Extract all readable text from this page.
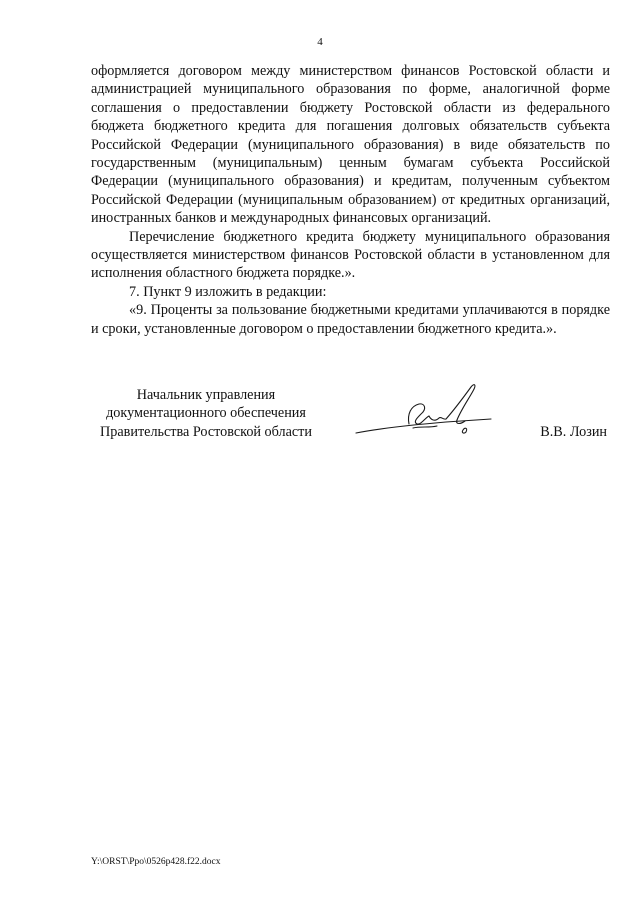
4

оформляется договором между министерством финансов Ростовской области и администрацией муниципального образования по форме, аналогичной форме соглашения о предоставлении бюджету Ростовской области из федерального бюджета бюджетного кредита для погашения долговых обязательств субъекта Российской Федерации (муниципального образования) в виде обязательств по государственным (муниципальным) ценным бумагам субъекта Российской Федерации (муниципального образования) и кредитам, полученным субъектом Российской Федерации (муниципальным образованием) от кредитных организаций, иностранных банков и международных финансовых организаций.

Перечисление бюджетного кредита бюджету муниципального образования осуществляется министерством финансов Ростовской области в установленном для исполнения областного бюджета порядке.».

7. Пункт 9 изложить в редакции:

«9. Проценты за пользование бюджетными кредитами уплачиваются в порядке и сроки, установленные договором о предоставлении бюджетного кредита.».

Начальник управления
документационного обеспечения
Правительства Ростовской области	В.В. Лозин
Y:\ORST\Ppo\0526p428.f22.docx
